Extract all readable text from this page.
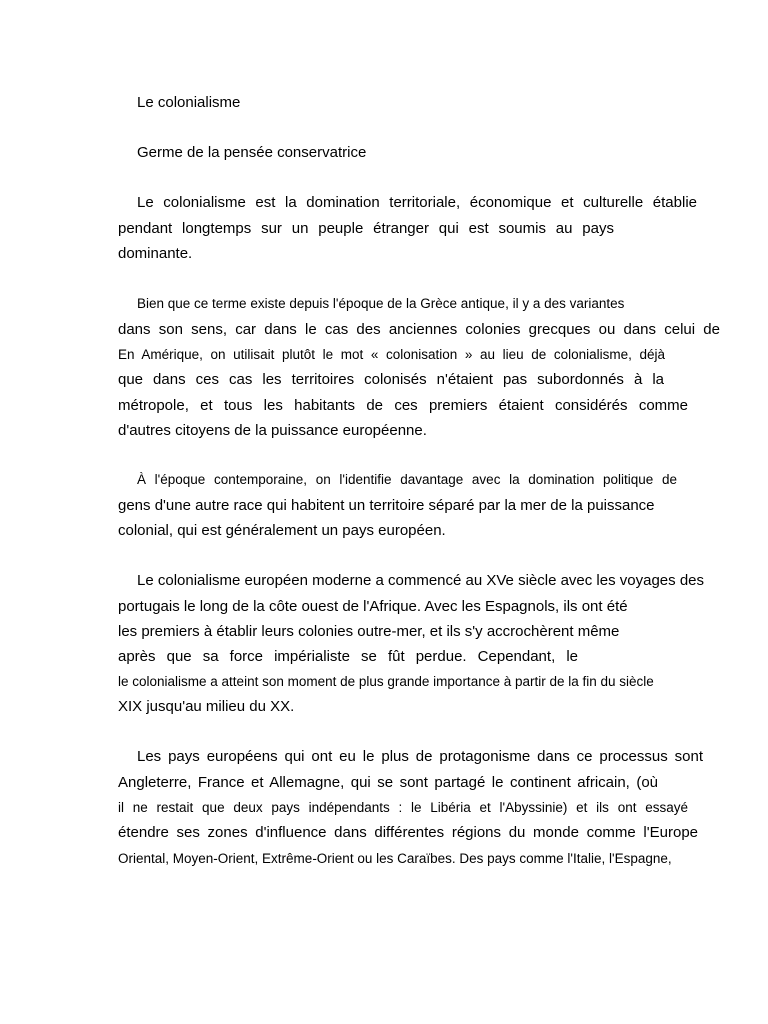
Le colonialisme
Germe de la pensée conservatrice
Le colonialisme est la domination territoriale, économique et culturelle établie
pendant longtemps sur un peuple étranger qui est soumis au pays
dominante.
Bien que ce terme existe depuis l'époque de la Grèce antique, il y a des variantes
dans son sens, car dans le cas des anciennes colonies grecques ou dans celui de
En Amérique, on utilisait plutôt le mot « colonisation » au lieu de colonialisme, déjà
que dans ces cas les territoires colonisés n'étaient pas subordonnés à la
métropole, et tous les habitants de ces premiers étaient considérés comme
d'autres citoyens de la puissance européenne.
À l'époque contemporaine, on l'identifie davantage avec la domination politique de
gens d'une autre race qui habitent un territoire séparé par la mer de la puissance
colonial, qui est généralement un pays européen.
Le colonialisme européen moderne a commencé au XVe siècle avec les voyages des
portugais le long de la côte ouest de l'Afrique. Avec les Espagnols, ils ont été
les premiers à établir leurs colonies outre-mer, et ils s'y accrochèrent même
après que sa force impérialiste se fût perdue. Cependant, le
le colonialisme a atteint son moment de plus grande importance à partir de la fin du siècle
XIX jusqu'au milieu du XX.
Les pays européens qui ont eu le plus de protagonisme dans ce processus sont
Angleterre, France et Allemagne, qui se sont partagé le continent africain, (où
il ne restait que deux pays indépendants : le Libéria et l'Abyssinie) et ils ont essayé
étendre ses zones d'influence dans différentes régions du monde comme l'Europe
Oriental, Moyen-Orient, Extrême-Orient ou les Caraïbes. Des pays comme l'Italie, l'Espagne,
